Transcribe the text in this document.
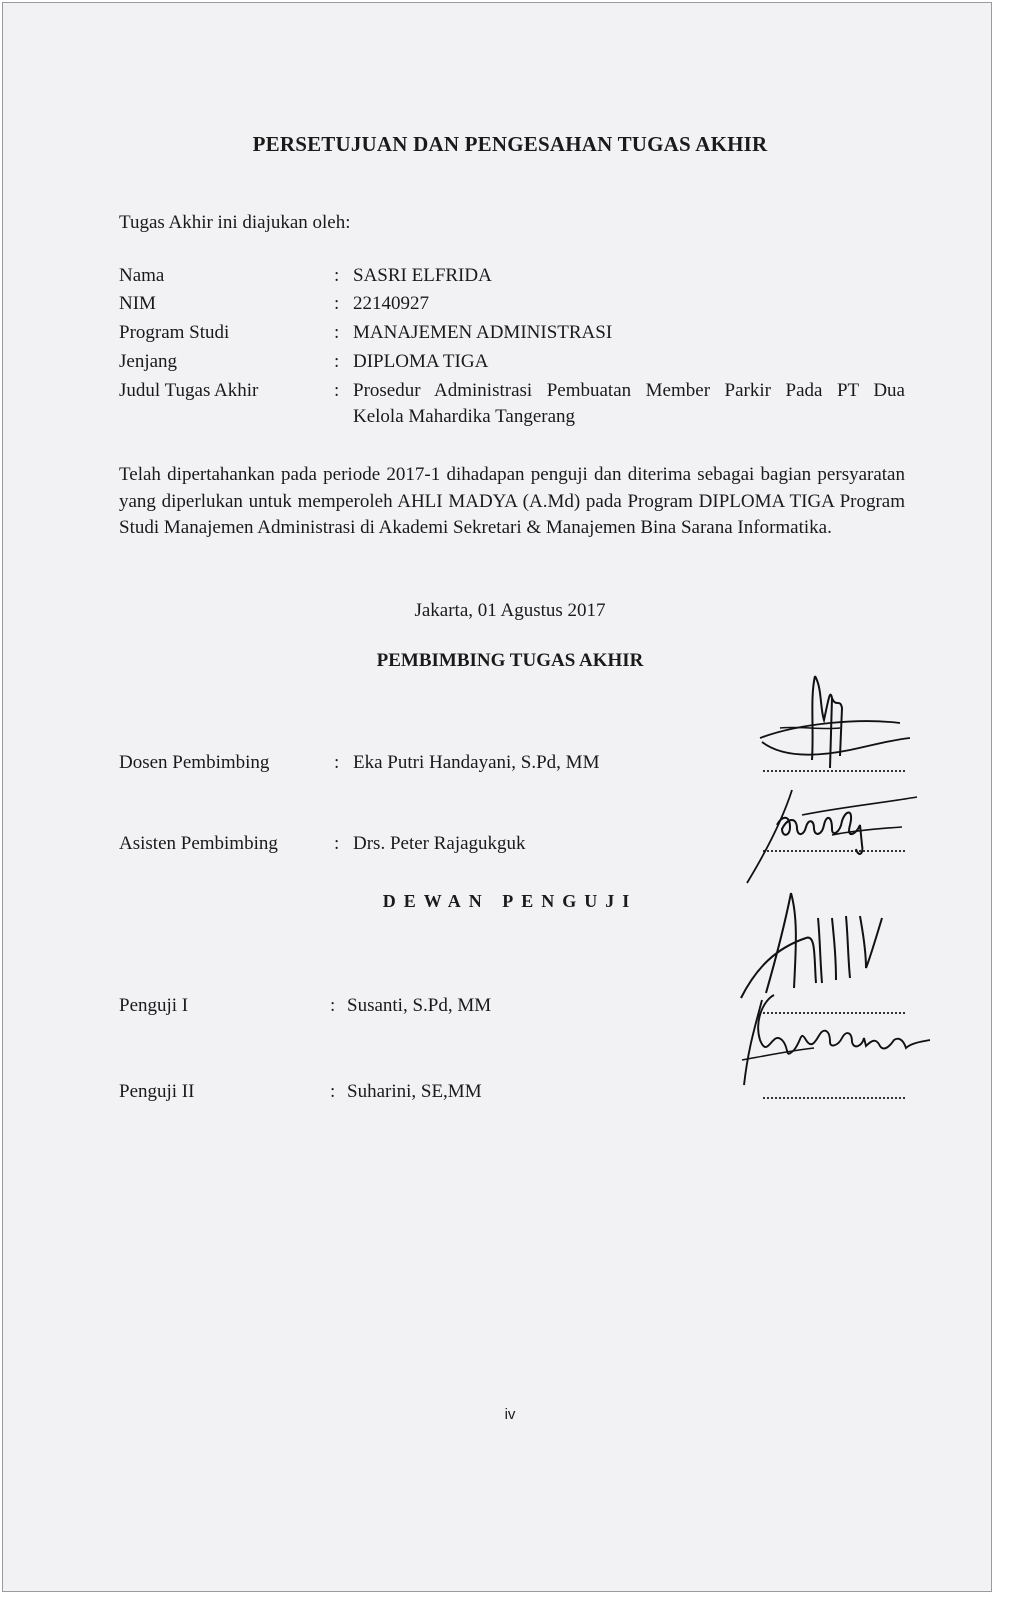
PERSETUJUAN DAN PENGESAHAN TUGAS AKHIR
Tugas Akhir ini diajukan oleh:
Nama	: SASRI ELFRIDA
NIM	: 22140927
Program Studi	: MANAJEMEN ADMINISTRASI
Jenjang	: DIPLOMA TIGA
Judul Tugas Akhir	: Prosedur Administrasi Pembuatan Member Parkir Pada PT Dua
Kelola Mahardika Tangerang
Telah dipertahankan pada periode 2017-1 dihadapan penguji dan diterima sebagai bagian persyaratan yang diperlukan untuk memperoleh AHLI MADYA (A.Md) pada Program DIPLOMA TIGA Program Studi Manajemen Administrasi di Akademi Sekretari & Manajemen Bina Sarana Informatika.
Jakarta, 01 Agustus 2017
PEMBIMBING TUGAS AKHIR
Dosen Pembimbing	: Eka Putri Handayani, S.Pd, MM
Asisten Pembimbing	: Drs. Peter Rajagukguk
DEWAN PENGUJI
Penguji I	: Susanti, S.Pd, MM
Penguji II	: Suharini, SE,MM
iv
